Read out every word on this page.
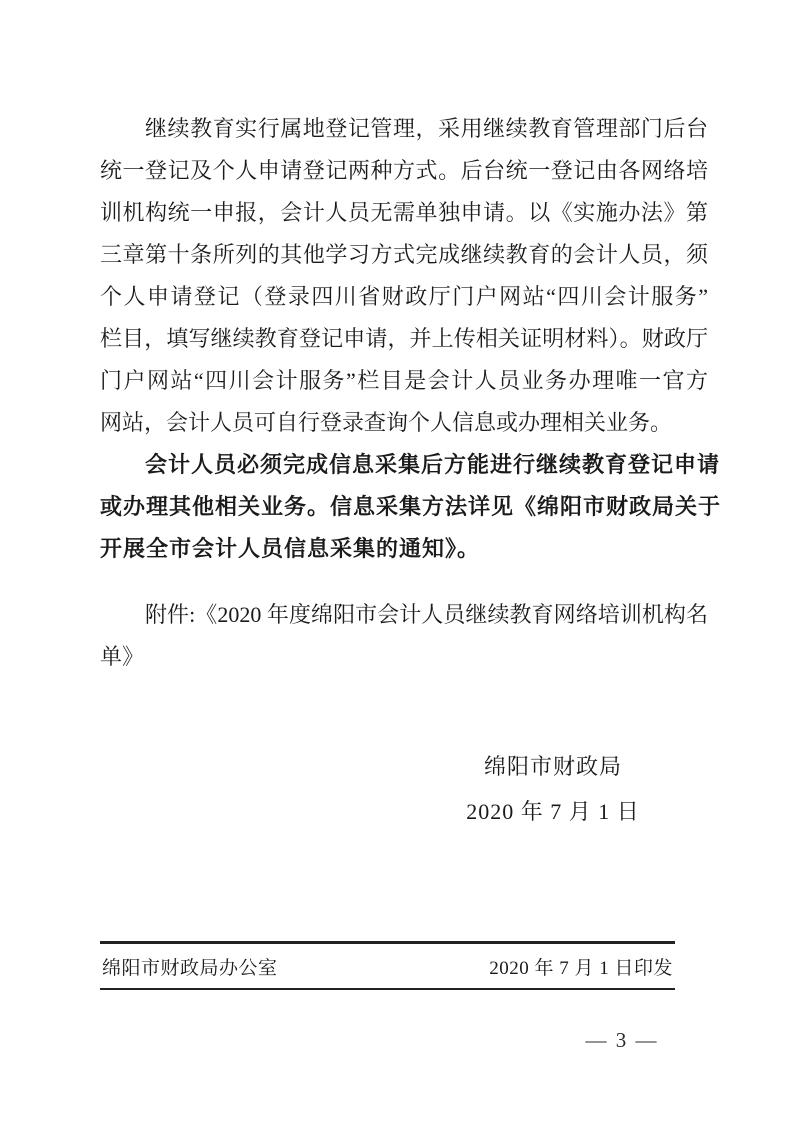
继续教育实行属地登记管理，采用继续教育管理部门后台
统一登记及个人申请登记两种方式。后台统一登记由各网络培
训机构统一申报，会计人员无需单独申请。以《实施办法》第
三章第十条所列的其他学习方式完成继续教育的会计人员，须
个人申请登记（登录四川省财政厅门户网站“四川会计服务”
栏目，填写继续教育登记申请，并上传相关证明材料）。财政厅
门户网站“四川会计服务”栏目是会计人员业务办理唯一官方
网站，会计人员可自行登录查询个人信息或办理相关业务。
会计人员必须完成信息采集后方能进行继续教育登记申请
或办理其他相关业务。信息采集方法详见《绵阳市财政局关于
开展全市会计人员信息采集的通知》。
附件:《2020 年度绵阳市会计人员继续教育网络培训机构名
单》
绵阳市财政局
2020 年 7 月 1 日
绵阳市财政局办公室	2020 年 7 月 1 日印发
— 3 —
